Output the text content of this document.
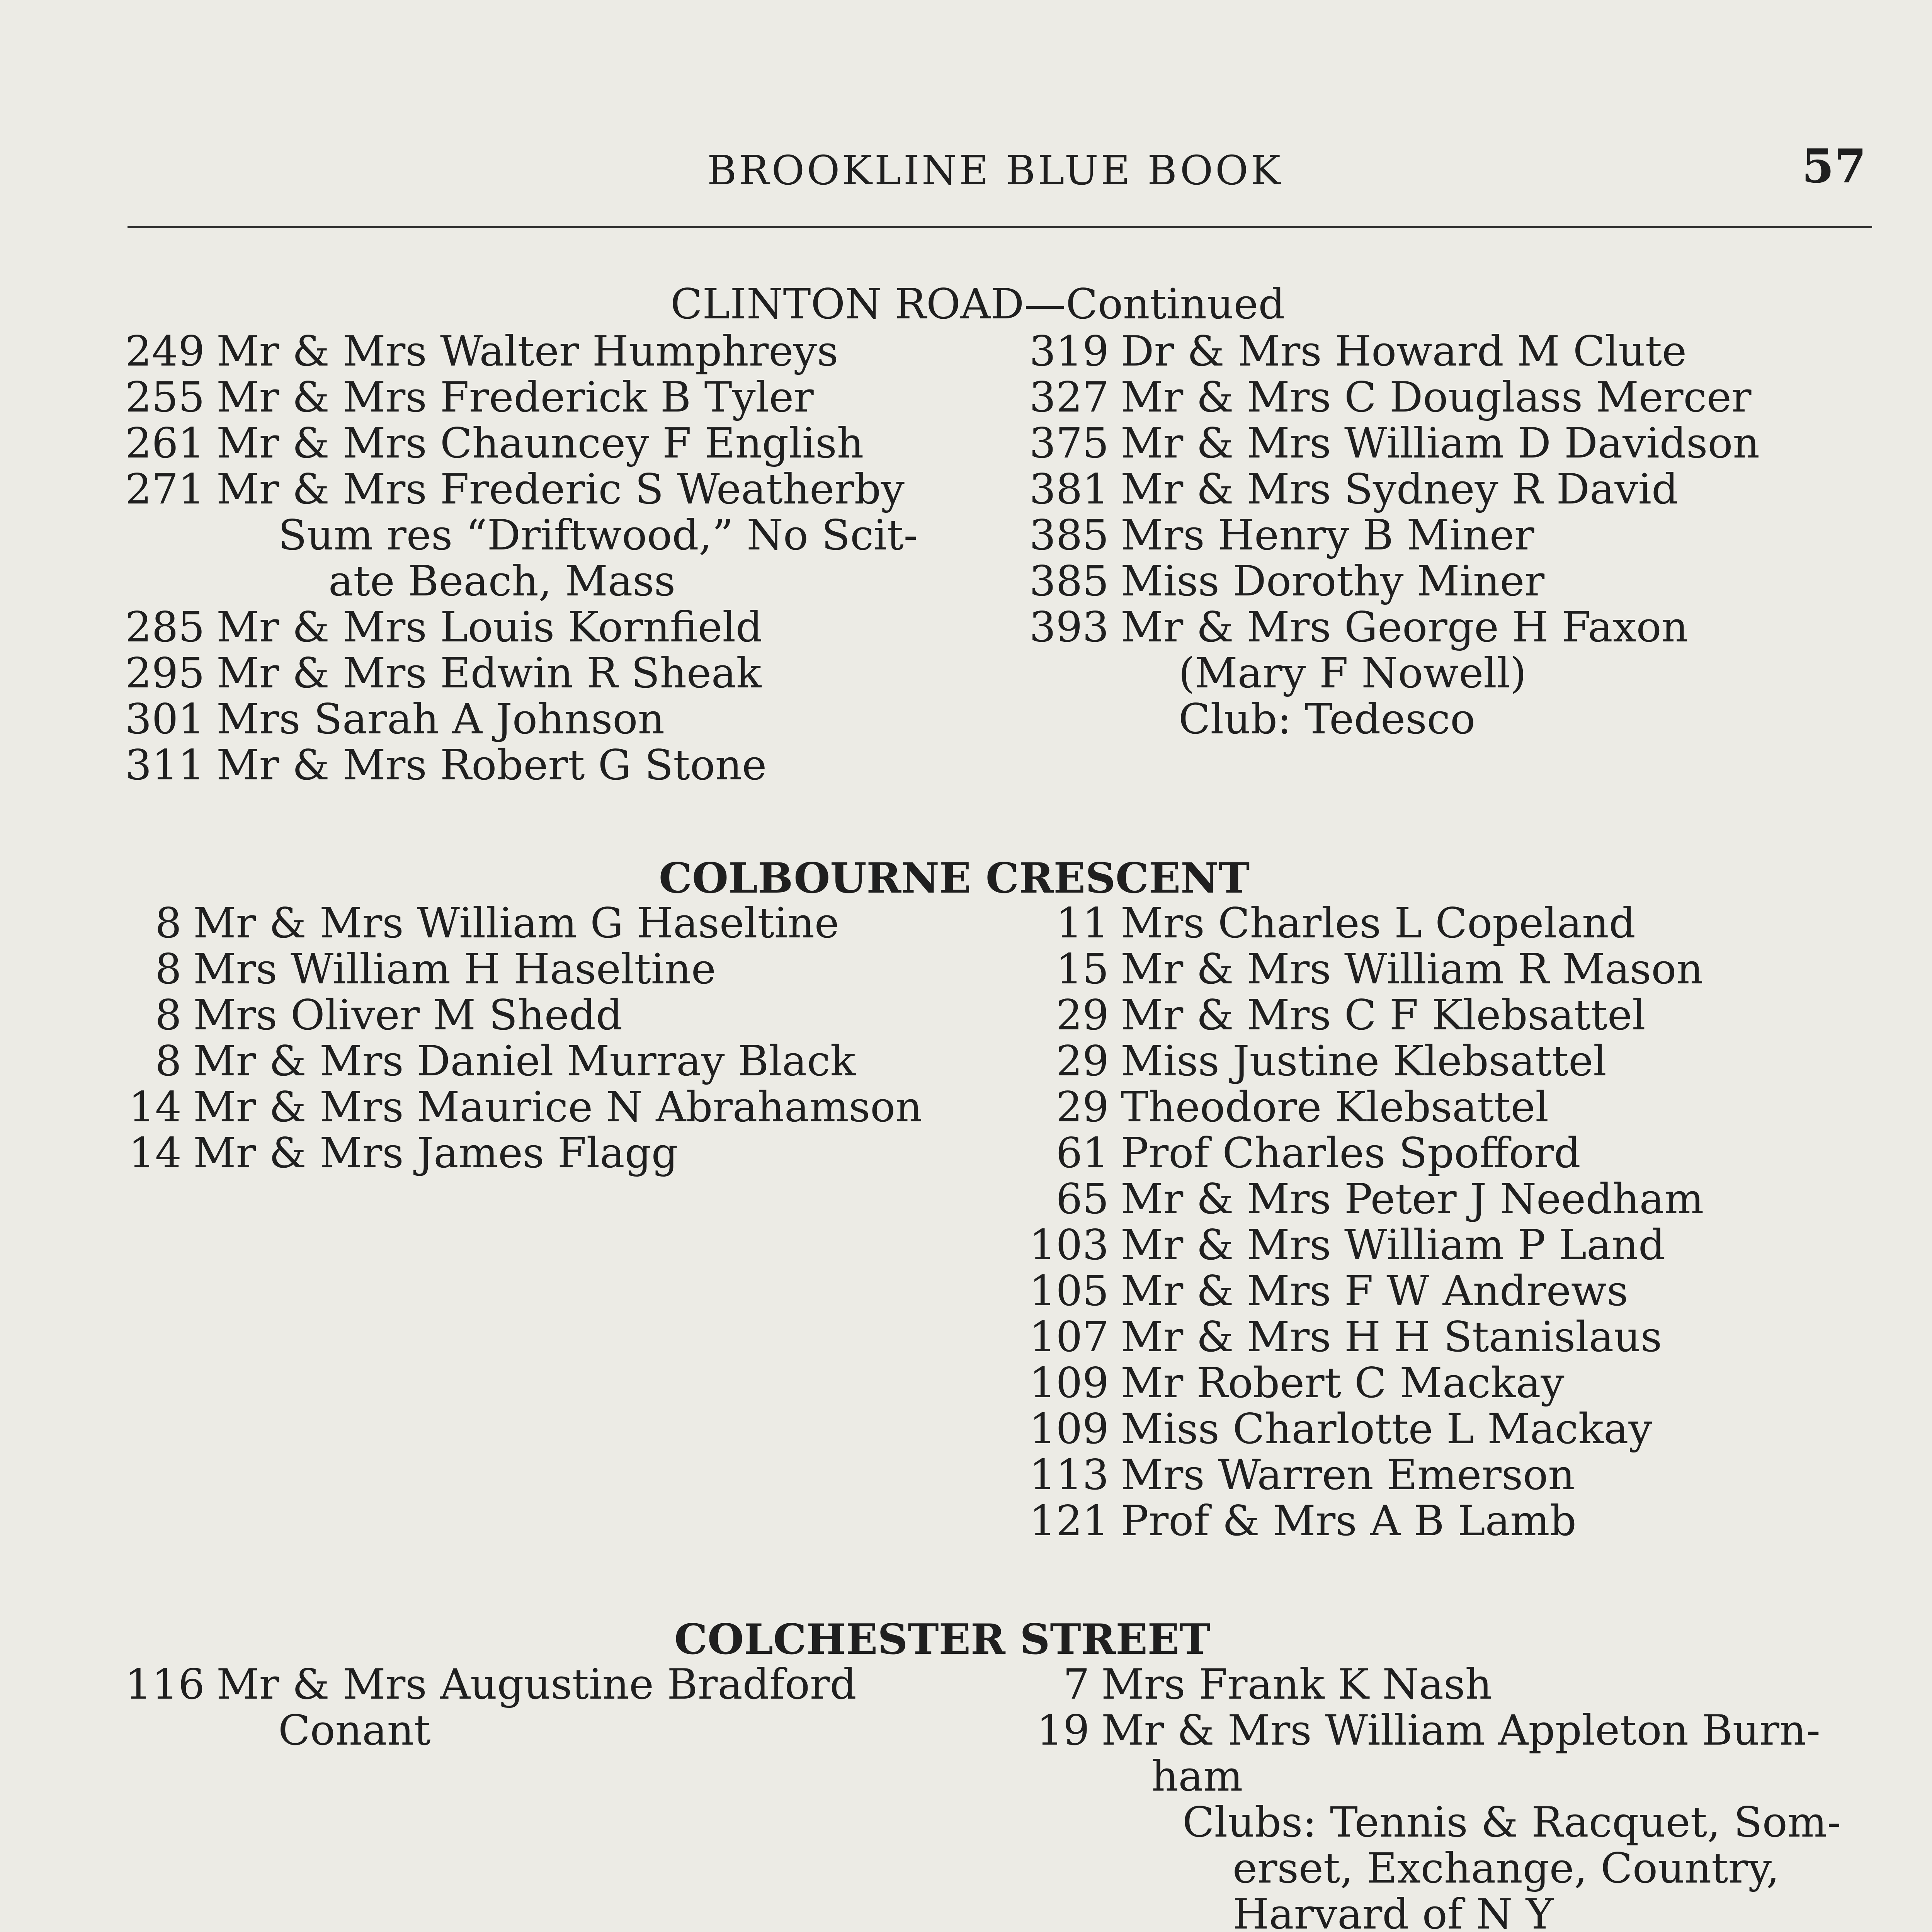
BROOKLINE BLUE BOOK	57
CLINTON ROAD—Continued
249 Mr & Mrs Walter Humphreys
255 Mr & Mrs Frederick B Tyler
261 Mr & Mrs Chauncey F English
271 Mr & Mrs Frederic S Weatherby
Sum res “Driftwood,” No Scit-
ate Beach, Mass
285 Mr & Mrs Louis Kornfield
295 Mr & Mrs Edwin R Sheak
301 Mrs Sarah A Johnson
311 Mr & Mrs Robert G Stone
319 Dr & Mrs Howard M Clute
327 Mr & Mrs C Douglass Mercer
375 Mr & Mrs William D Davidson
381 Mr & Mrs Sydney R David
385 Mrs Henry B Miner
385 Miss Dorothy Miner
393 Mr & Mrs George H Faxon
(Mary F Nowell)
Club: Tedesco
COLBOURNE CRESCENT
8 Mr & Mrs William G Haseltine
8 Mrs William H Haseltine
8 Mrs Oliver M Shedd
8 Mr & Mrs Daniel Murray Black
14 Mr & Mrs Maurice N Abrahamson
14 Mr & Mrs James Flagg
11 Mrs Charles L Copeland
15 Mr & Mrs William R Mason
29 Mr & Mrs C F Klebsattel
29 Miss Justine Klebsattel
29 Theodore Klebsattel
61 Prof Charles Spofford
65 Mr & Mrs Peter J Needham
103 Mr & Mrs William P Land
105 Mr & Mrs F W Andrews
107 Mr & Mrs H H Stanislaus
109 Mr Robert C Mackay
109 Miss Charlotte L Mackay
113 Mrs Warren Emerson
121 Prof & Mrs A B Lamb
COLCHESTER STREET
116 Mr & Mrs Augustine Bradford
Conant
7 Mrs Frank K Nash
19 Mr & Mrs William Appleton Burn-
ham
Clubs: Tennis & Racquet, Som-
erset, Exchange, Country,
Harvard of N Y
